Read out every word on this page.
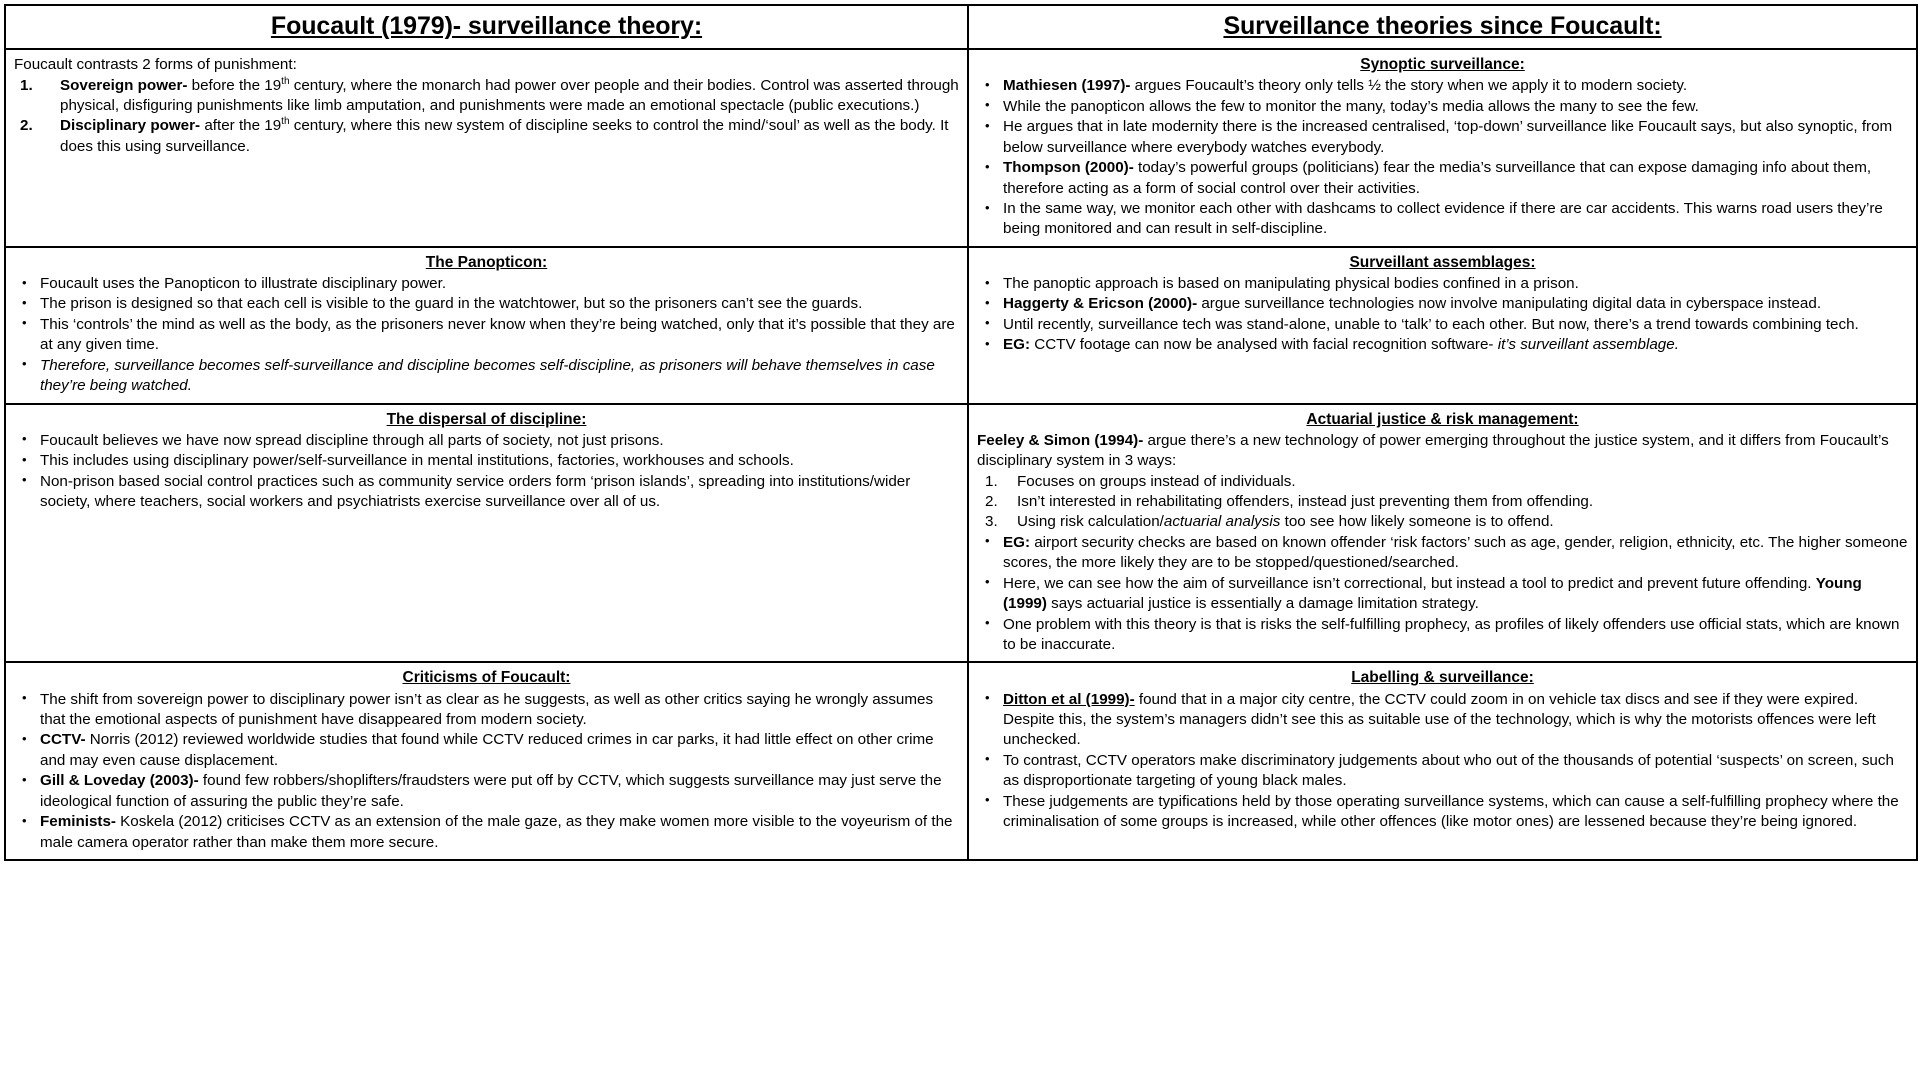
Foucault (1979)- surveillance theory:	Surveillance theories since Foucault:

Foucault contrasts 2 forms of punishment:
Sovereign power- before the 19th century, where the monarch had power over people and their bodies. Control was asserted through physical, disfiguring punishments like limb amputation, and punishments were made an emotional spectacle (public executions.)
Disciplinary power- after the 19th century, where this new system of discipline seeks to control the mind/‘soul’ as well as the body. It does this using surveillance.

Synoptic surveillance:
• Mathiesen (1997)- argues Foucault’s theory only tells ½ the story when we apply it to modern society.
• While the panopticon allows the few to monitor the many, today’s media allows the many to see the few.
• He argues that in late modernity there is the increased centralised, ‘top-down’ surveillance like Foucault says, but also synoptic, from below surveillance where everybody watches everybody.
• Thompson (2000)- today’s powerful groups (politicians) fear the media’s surveillance that can expose damaging info about them, therefore acting as a form of social control over their activities.
• In the same way, we monitor each other with dashcams to collect evidence if there are car accidents. This warns road users they’re being monitored and can result in self-discipline.

The Panopticon:
• Foucault uses the Panopticon to illustrate disciplinary power.
• The prison is designed so that each cell is visible to the guard in the watchtower, but so the prisoners can’t see the guards.
• This ‘controls’ the mind as well as the body, as the prisoners never know when they’re being watched, only that it’s possible that they are at any given time.
• Therefore, surveillance becomes self-surveillance and discipline becomes self-discipline, as prisoners will behave themselves in case they’re being watched.

Surveillant assemblages:
• The panoptic approach is based on manipulating physical bodies confined in a prison.
• Haggerty & Ericson (2000)- argue surveillance technologies now involve manipulating digital data in cyberspace instead.
• Until recently, surveillance tech was stand-alone, unable to ‘talk’ to each other. But now, there’s a trend towards combining tech.
• EG: CCTV footage can now be analysed with facial recognition software- it’s surveillant assemblage.

The dispersal of discipline:
• Foucault believes we have now spread discipline through all parts of society, not just prisons.
• This includes using disciplinary power/self-surveillance in mental institutions, factories, workhouses and schools.
• Non-prison based social control practices such as community service orders form ‘prison islands’, spreading into institutions/wider society, where teachers, social workers and psychiatrists exercise surveillance over all of us.

Actuarial justice & risk management:
Feeley & Simon (1994)- argue there’s a new technology of power emerging throughout the justice system, and it differs from Foucault’s disciplinary system in 3 ways:
Focuses on groups instead of individuals.
Isn’t interested in rehabilitating offenders, instead just preventing them from offending.
Using risk calculation/actuarial analysis too see how likely someone is to offend.
• EG: airport security checks are based on known offender ‘risk factors’ such as age, gender, religion, ethnicity, etc. The higher someone scores, the more likely they are to be stopped/questioned/searched.
• Here, we can see how the aim of surveillance isn’t correctional, but instead a tool to predict and prevent future offending. Young (1999) says actuarial justice is essentially a damage limitation strategy.
• One problem with this theory is that is risks the self-fulfilling prophecy, as profiles of likely offenders use official stats, which are known to be inaccurate.

Criticisms of Foucault:
• The shift from sovereign power to disciplinary power isn’t as clear as he suggests, as well as other critics saying he wrongly assumes that the emotional aspects of punishment have disappeared from modern society.
• CCTV- Norris (2012) reviewed worldwide studies that found while CCTV reduced crimes in car parks, it had little effect on other crime and may even cause displacement.
• Gill & Loveday (2003)- found few robbers/shoplifters/fraudsters were put off by CCTV, which suggests surveillance may just serve the ideological function of assuring the public they’re safe.
• Feminists- Koskela (2012) criticises CCTV as an extension of the male gaze, as they make women more visible to the voyeurism of the male camera operator rather than make them more secure.

Labelling & surveillance:
• Ditton et al (1999)- found that in a major city centre, the CCTV could zoom in on vehicle tax discs and see if they were expired. Despite this, the system’s managers didn’t see this as suitable use of the technology, which is why the motorists offences were left unchecked.
• To contrast, CCTV operators make discriminatory judgements about who out of the thousands of potential ‘suspects’ on screen, such as disproportionate targeting of young black males.
• These judgements are typifications held by those operating surveillance systems, which can cause a self-fulfilling prophecy where the criminalisation of some groups is increased, while other offences (like motor ones) are lessened because they’re being ignored.
